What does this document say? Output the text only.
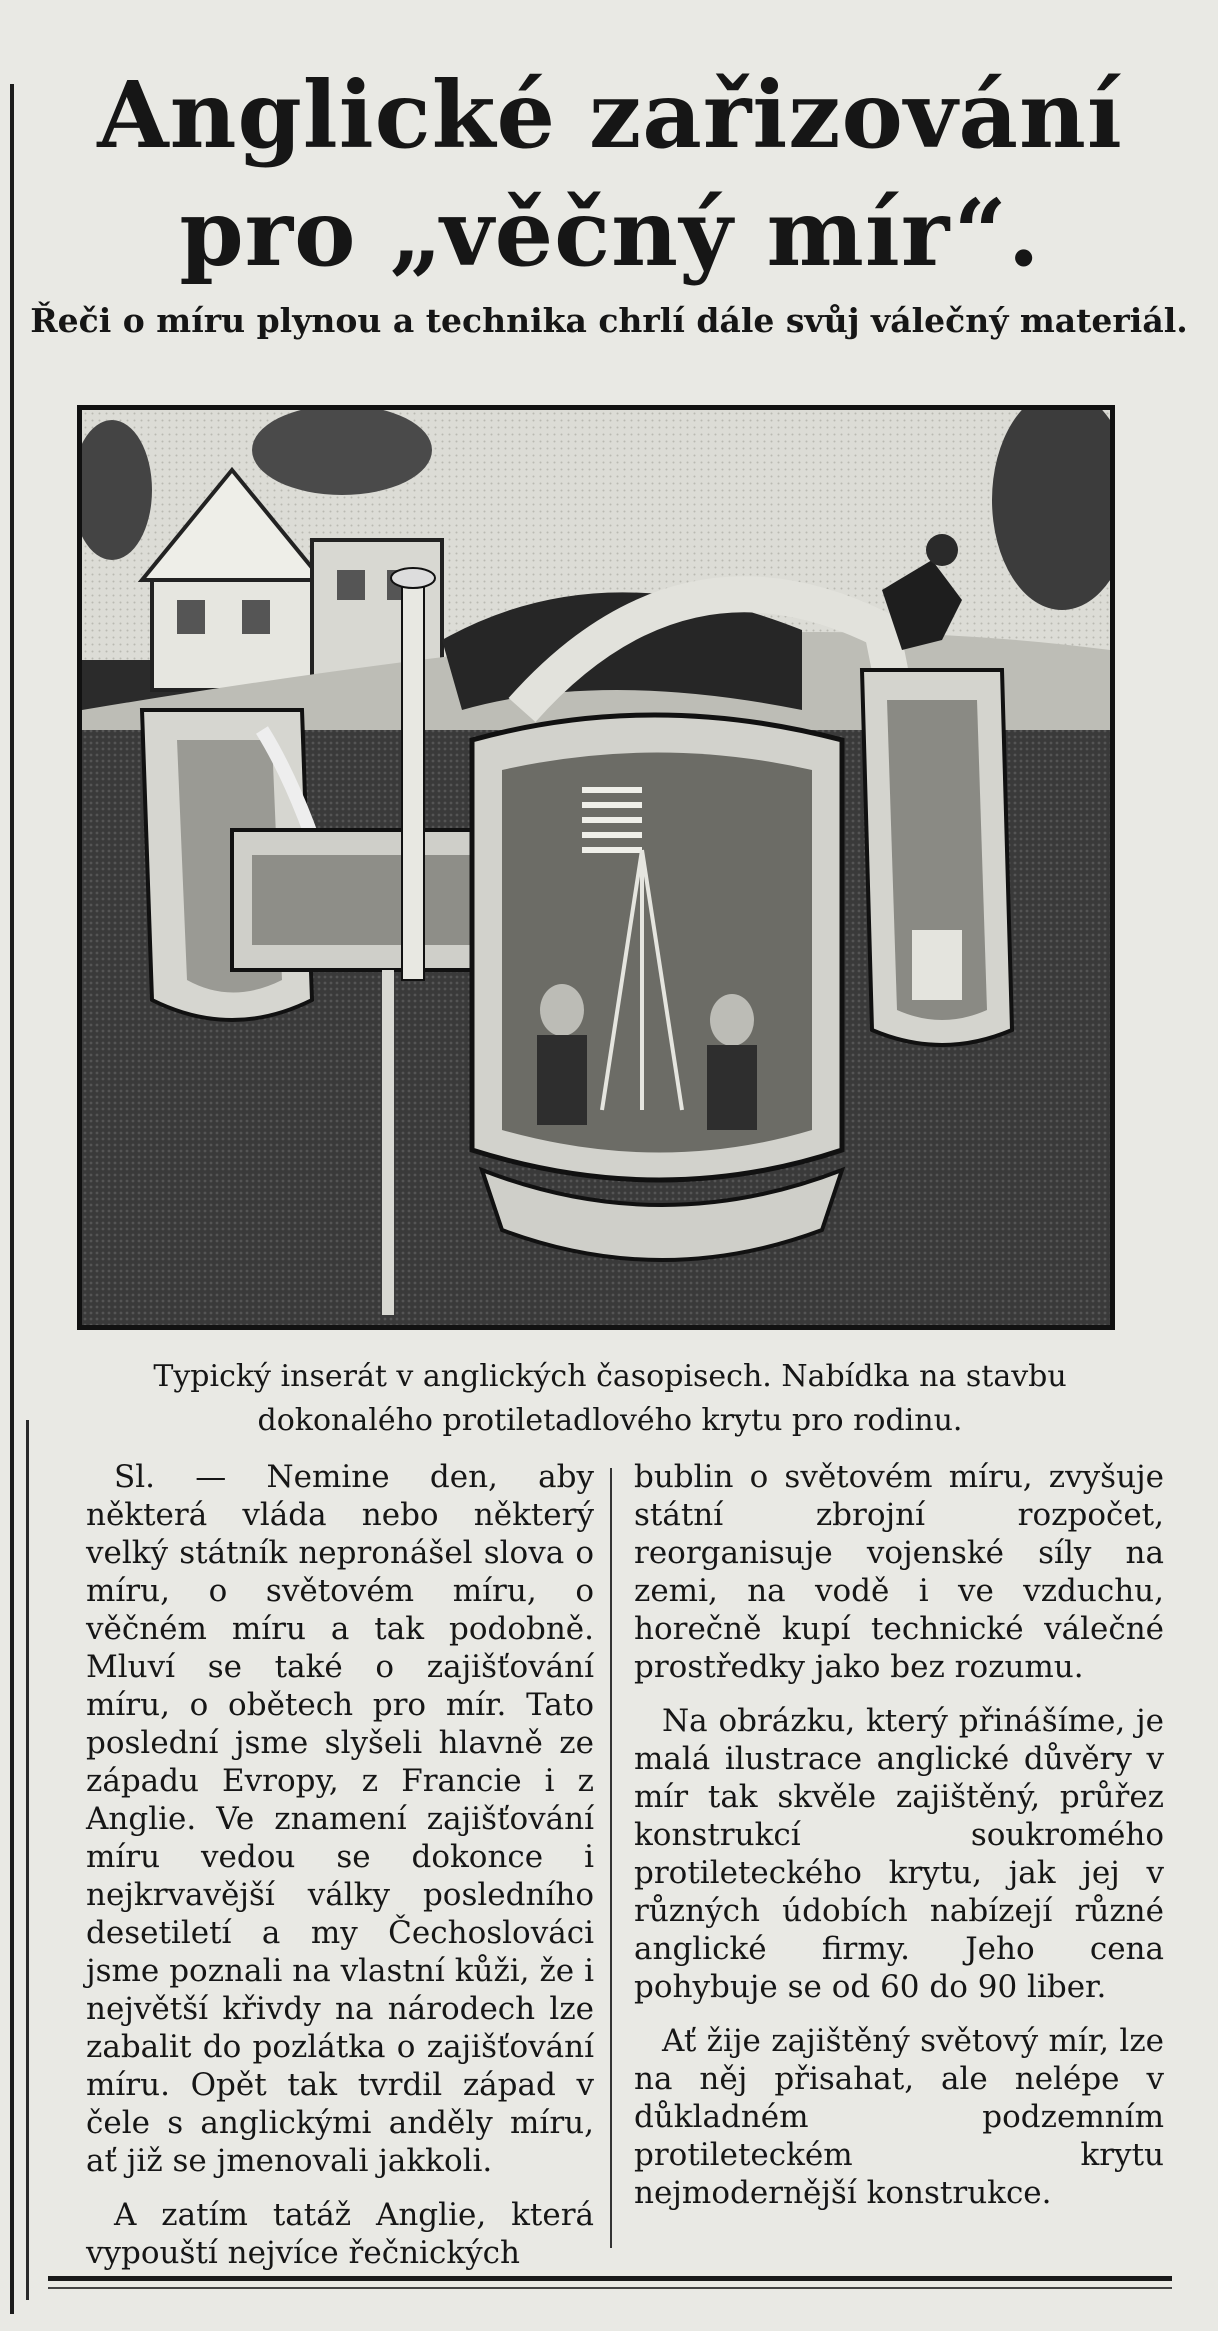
Anglické zařizování
pro „věčný mír“.

Řeči o míru plynou a technika chrlí dále svůj válečný materiál.

Typický inserát v anglických časopisech. Nabídka na stavbu
dokonalého protiletadlového krytu pro rodinu.

Sl. — Nemine den, aby některá vláda nebo některý velký státník nepronášel slova o míru, o světovém míru, o věčném míru a tak podobně. Mluví se také o zajišťování míru, o obětech pro mír. Tato poslední jsme slyšeli hlavně ze západu Evropy, z Francie i z Anglie. Ve znamení zajišťování míru vedou se dokonce i nejkrvavější války posledního desetiletí a my Čechoslováci jsme poznali na vlastní kůži, že i největší křivdy na národech lze zabalit do pozlátka o zajišťování míru. Opět tak tvrdil západ v čele s anglickými anděly míru, ať již se jmenovali jakkoli.

A zatím tatáž Anglie, která vypouští nejvíce řečnických

bublin o světovém míru, zvyšuje státní zbrojní rozpočet, reorganisuje vojenské síly na zemi, na vodě i ve vzduchu, horečně kupí technické válečné prostředky jako bez rozumu.

Na obrázku, který přinášíme, je malá ilustrace anglické důvěry v mír tak skvěle zajištěný, průřez konstrukcí soukromého protileteckého krytu, jak jej v různých údobích nabízejí různé anglické firmy. Jeho cena pohybuje se od 60 do 90 liber.

Ať žije zajištěný světový mír, lze na něj přisahat, ale nelépe v důkladném podzemním protileteckém krytu nejmodernější konstrukce.
